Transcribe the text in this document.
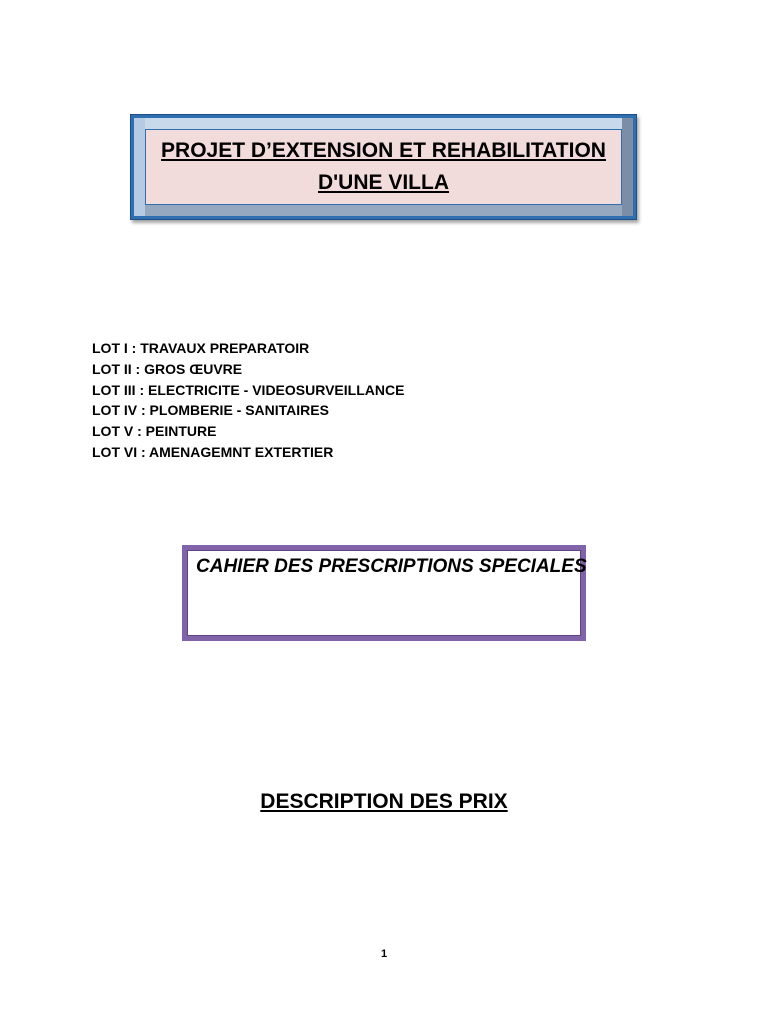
PROJET D’EXTENSION ET REHABILITATION
D'UNE VILLA
LOT I : TRAVAUX PREPARATOIR
LOT II : GROS ŒUVRE
LOT III : ELECTRICITE - VIDEOSURVEILLANCE
LOT IV : PLOMBERIE - SANITAIRES
LOT V : PEINTURE
LOT VI : AMENAGEMNT EXTERTIER
CAHIER DES PRESCRIPTIONS SPECIALES
DESCRIPTION DES PRIX
1
